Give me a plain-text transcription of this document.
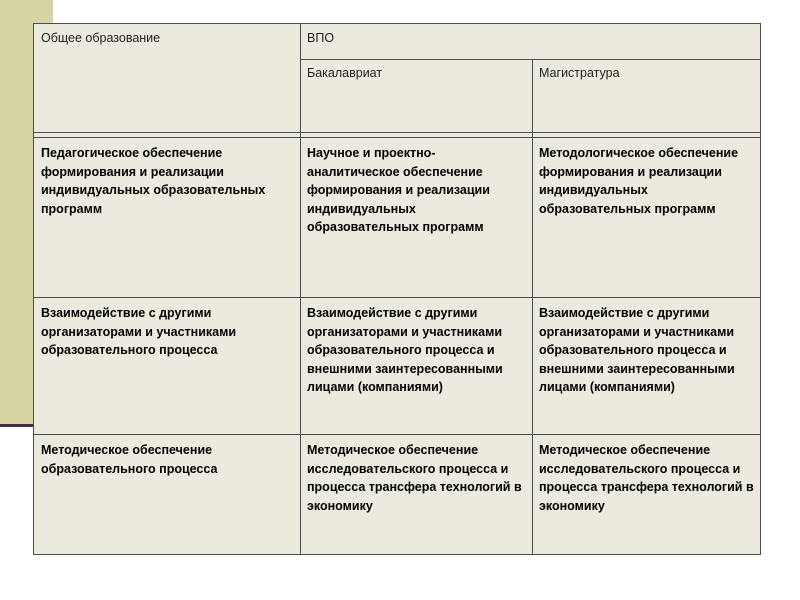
Общее образование	ВПО
Бакалавриат	Магистратура
Педагогическое обеспечение формирования и реализации индивидуальных образовательных программ
Научное и проектно-аналитическое обеспечение формирования и реализации индивидуальных образовательных программ
Методологическое обеспечение формирования и реализации индивидуальных образовательных программ
Взаимодействие с другими организаторами и участниками образовательного процесса
Взаимодействие с другими организаторами и участниками образовательного процесса и внешними заинтересованными лицами (компаниями)
Взаимодействие с другими организаторами и участниками образовательного процесса и внешними заинтересованными лицами (компаниями)
Методическое обеспечение образовательного процесса
Методическое обеспечение исследовательского процесса и процесса трансфера технологий в экономику
Методическое обеспечение исследовательского процесса и процесса трансфера технологий в экономику
